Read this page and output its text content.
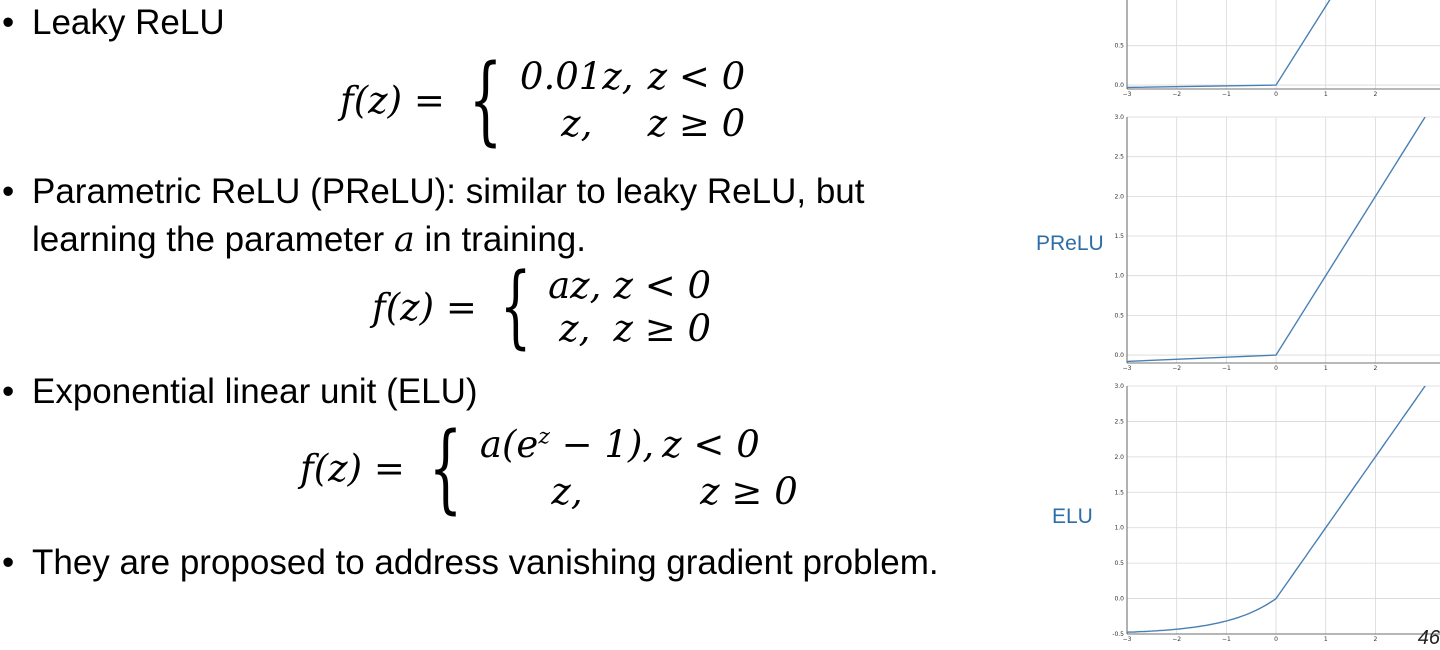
• Leaky ReLU
f(z) = { 0.01z, z < 0
z,	z ≥ 0
• Parametric ReLU (PReLU): similar to leaky ReLU, but
learning the parameter a in training.
f(z) = { az, z < 0
z, z ≥ 0
• Exponential linear unit (ELU)
f(z) = { $a(e^z - 1)$, z < 0
z,	z ≥ 0
• They are proposed to address vanishing gradient problem.
PReLU
ELU
0.0
0.5
−3	−2	−1	0	1	2
0.0
0.5
1.0
1.5
2.0
2.5
3.0
−3	−2	−1	0	1	2
-0.5
0.0
0.5
1.0
1.5
2.0
2.5
3.0
−3	−2	−1	0	1	2 46
